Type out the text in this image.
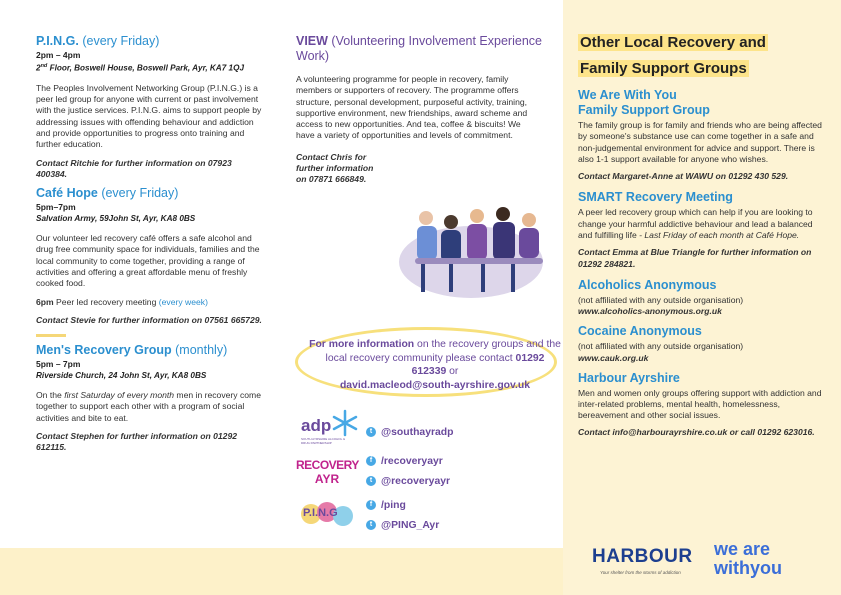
P.I.N.G. (every Friday)
2pm – 4pm
2nd Floor, Boswell House, Boswell Park, Ayr, KA7 1QJ

The Peoples Involvement Networking Group (P.I.N.G.) is a peer led group for anyone with current or past involvement with the justice services. P.I.N.G. aims to support people by addressing issues with offending behaviour and addiction and provide opportunities to progress onto training and further education.

Contact Ritchie for further information on 07923 400384.

Café Hope (every Friday)
5pm–7pm
Salvation Army, 59John St, Ayr, KA8 0BS

Our volunteer led recovery café offers a safe alcohol and drug free community space for individuals, families and the local community to come together, providing a range of activities and offering a great affordable menu of freshly cooked food.

6pm Peer led recovery meeting (every week)

Contact Stevie for further information on 07561 665729.

Men's Recovery Group (monthly)
5pm – 7pm
Riverside Church, 24 John St, Ayr, KA8 0BS

On the first Saturday of every month men in recovery come together to support each other with a program of social activities and bite to eat.

Contact Stephen for further information on 01292 612115.

VIEW (Volunteering Involvement Experience Work)

A volunteering programme for people in recovery, family members or supporters of recovery. The programme offers structure, personal development, purposeful activity, training, supportive environment, new friendships, award scheme and access to new opportunities. And tea, coffee & biscuits! We have a variety of opportunities and levels of commitment.

Contact Chris for further information on 07871 666849.

For more information on the recovery groups and the local recovery community please contact 01292 612339 or
david.macleod@south-ayrshire.gov.uk
adp
SOUTH AYRSHIRE ALCOHOL & DRUG PARTNERSHIP
t @southayradp
RECOVERY
AYR
f /recoveryayr
t @recoveryayr
P.I.N.G
f /ping
t @PING_Ayr
Other Local Recovery and
Family Support Groups
We Are With You
Family Support Group

The family group is for family and friends who are being affected by someone's substance use can come together in a safe and non-judgemental environment for advice and support. There is also 1-1 support available for anyone who wishes.

Contact Margaret-Anne at WAWU on 01292 430 529.

SMART Recovery Meeting

A peer led recovery group which can help if you are looking to change your harmful addictive behaviour and lead a balanced and fulfilling life - Last Friday of each month at Café Hope.

Contact Emma at Blue Triangle for further information on 01292 284821.

Alcoholics Anonymous

(not affiliated with any outside organisation)

www.alcoholics-anonymous.org.uk
Cocaine Anonymous

(not affiliated with any outside organisation)

www.cauk.org.uk
Harbour Ayrshire

Men and women only groups offering support with addiction and inter-related problems, mental health, homelessness, bereavement and other social issues.

Contact info@harbourayrshire.co.uk or call 01292 623016.

HARBOUR
Your shelter from the storms of addiction
we are
withyou
